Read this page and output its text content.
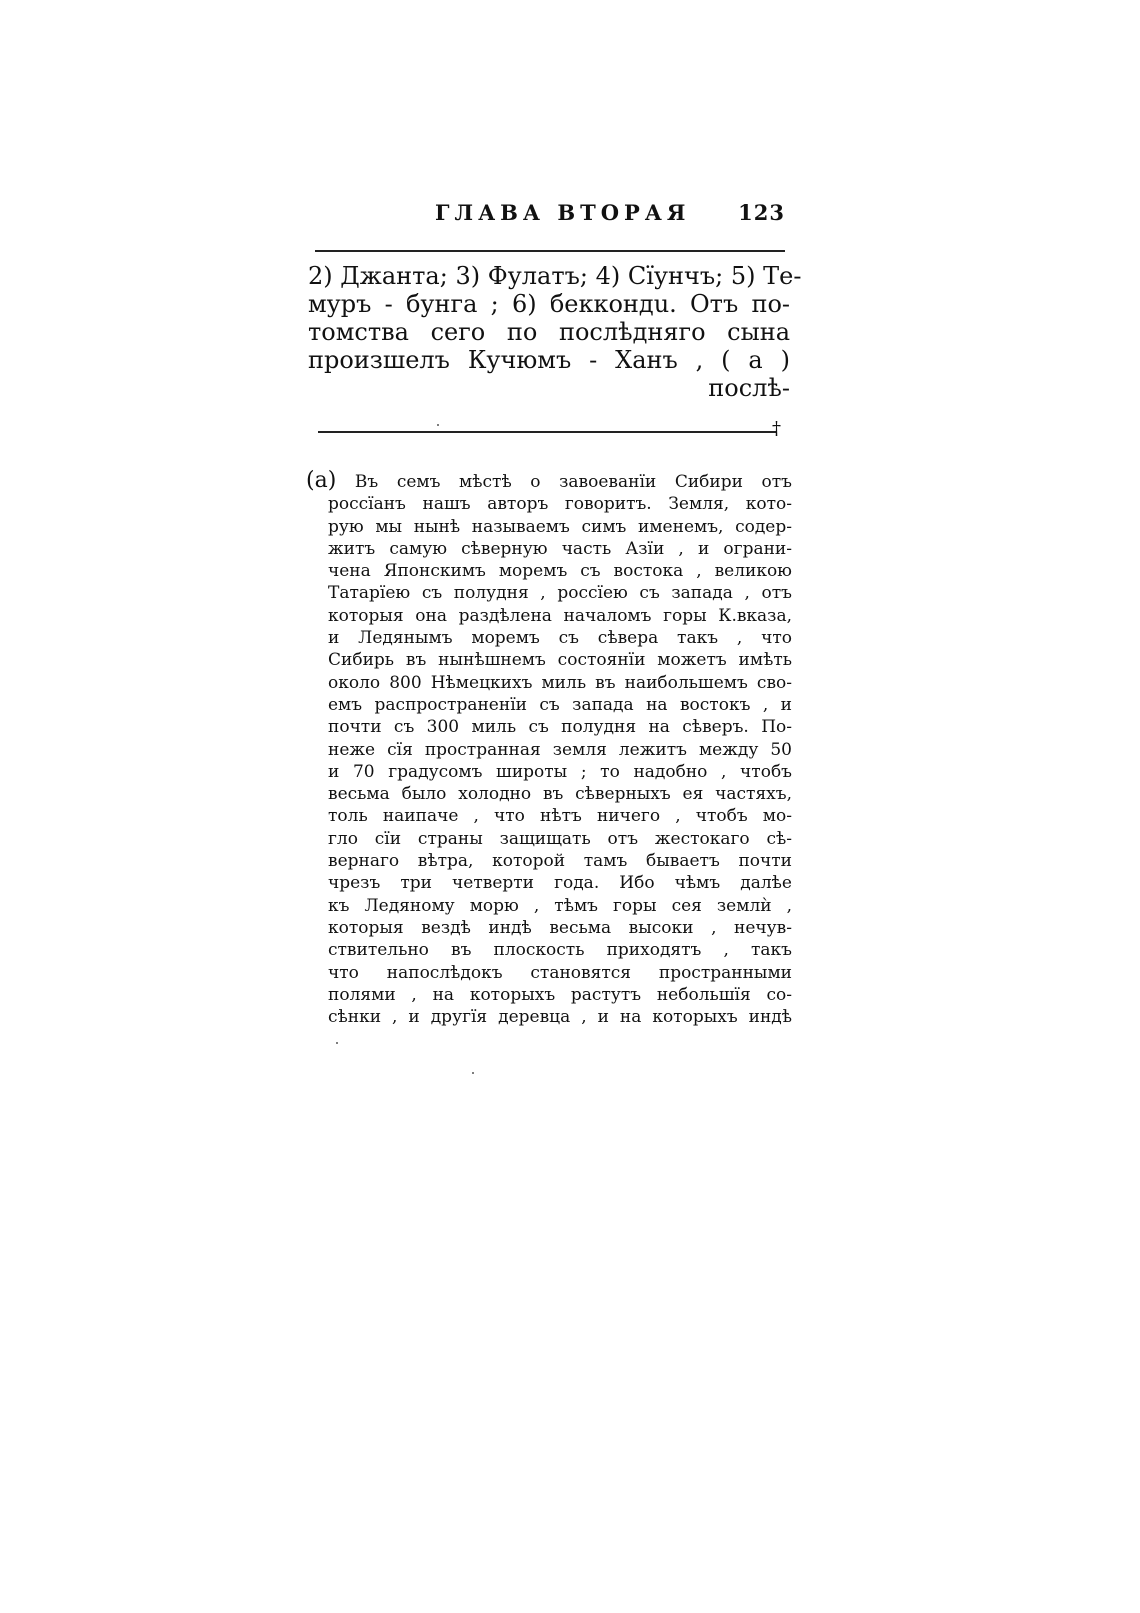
ГЛАВА ВТОРАЯ 123
2) Джанта; 3) Фулатъ; 4) Сїунчъ; 5) Те-
муръ - бунга ; 6) беккондu. Отъ по-
томства сего по послѣдняго сына
произшелъ Кучюмъ - Ханъ , ( а )
послѣ-
†
(а) Въ семъ мѣстѣ о завоеванїи Сибири отъ
россїанъ нашъ авторъ говоритъ. Земля, кото-
рую мы нынѣ называемъ симъ именемъ, содер-
житъ самую сѣверную часть Азїи , и ограни-
чена Японскимъ моремъ съ востока , великою
Татарїею съ полудня , россїею съ запада , отъ
которыя она раздѣлена началомъ горы К.вказа,
и Ледянымъ моремъ съ сѣвера такъ , что
Сибирь въ нынѣшнемъ состоянїи можетъ имѣть
около 800 Нѣмецкихъ миль въ наибольшемъ сво-
емъ распространенїи съ запада на востокъ , и
почти съ 300 миль съ полудня на сѣверъ. По-
неже сїя пространная земля лежитъ между 50
и 70 градусомъ широты ; то надобно , чтобъ
весьма было холодно въ сѣверныхъ ея частяхъ,
толь наипаче , что нѣтъ ничего , чтобъ мо-
гло сїи страны защищать отъ жестокаго сѣ-
вернаго вѣтра, которой тамъ бываетъ почти
чрезъ три четверти года. Ибо чѣмъ далѣе
къ Ледяному морю , тѣмъ горы сея землѝ ,
которыя вездѣ индѣ весьма высоки , нечув-
ствительно въ плоскость приходятъ , такъ
что напослѣдокъ становятся пространными
полями , на которыхъ растутъ небольшїя со-
сѣнки , и другїя деревца , и на которыхъ индѣ
